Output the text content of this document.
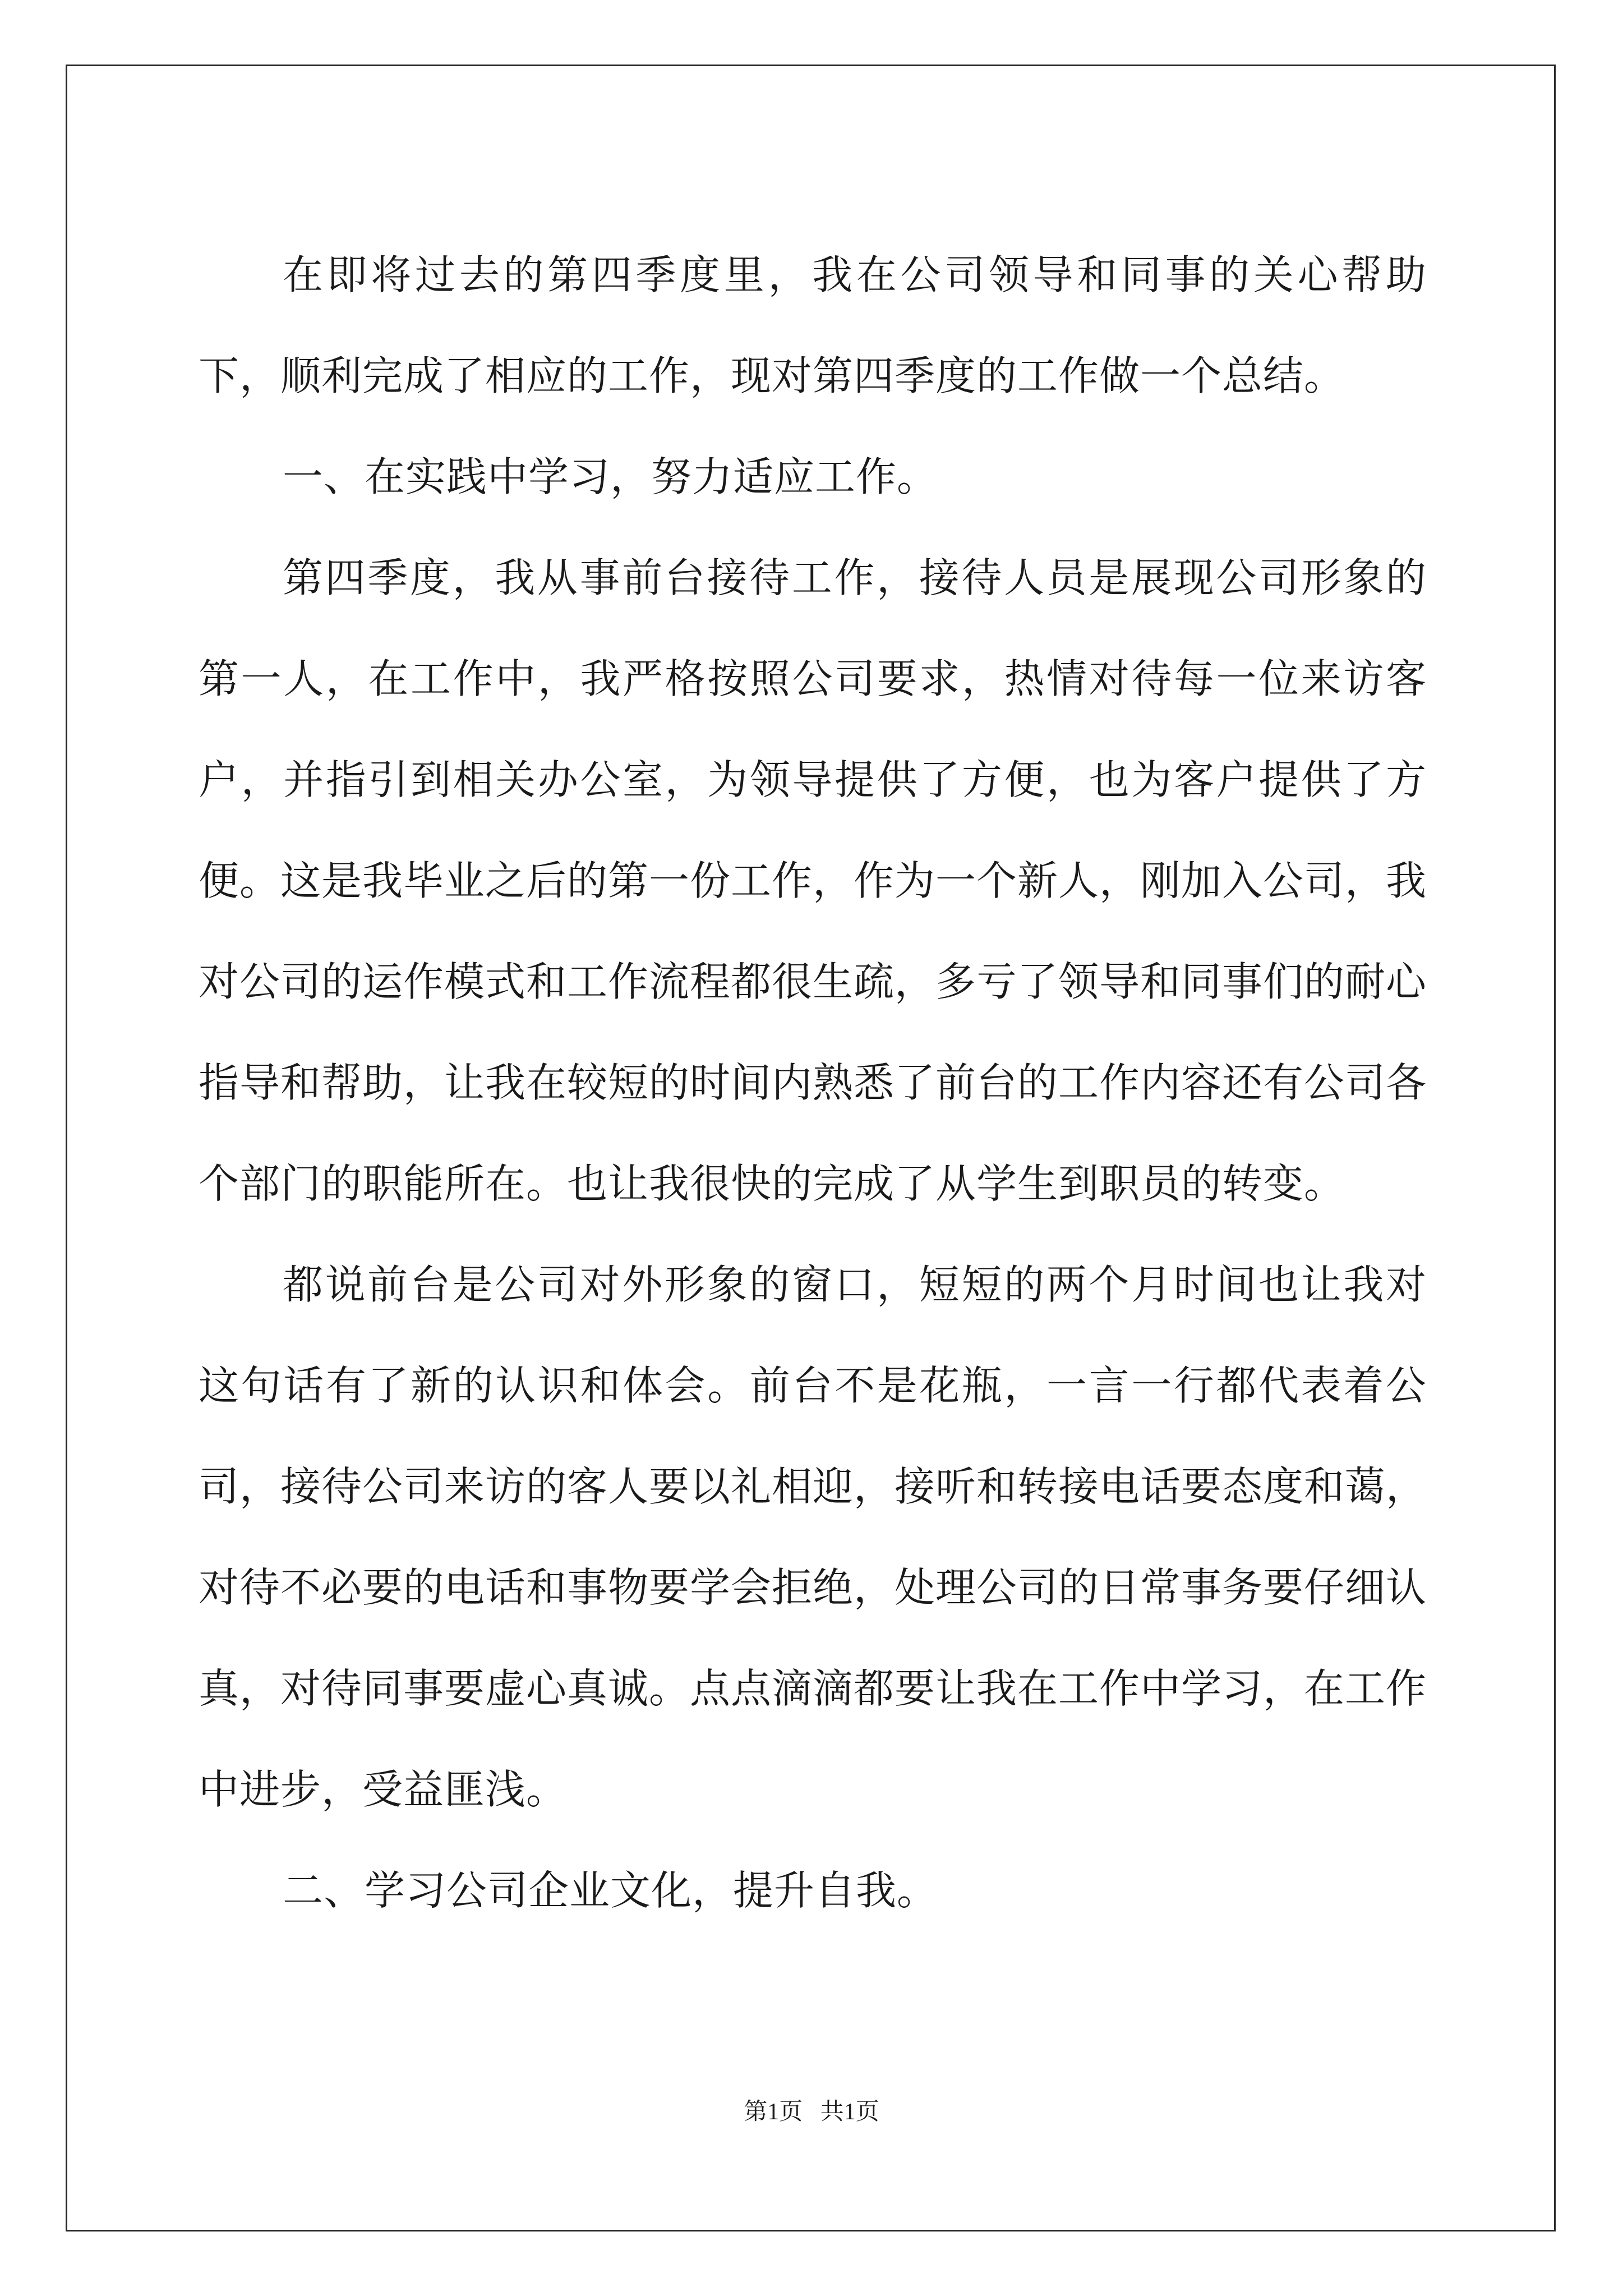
在即将过去的第四季度里，我在公司领导和同事的关心帮助下，顺利完成了相应的工作，现对第四季度的工作做一个总结。

一、在实践中学习，努力适应工作。

第四季度，我从事前台接待工作，接待人员是展现公司形象的第一人，在工作中，我严格按照公司要求，热情对待每一位来访客户，并指引到相关办公室，为领导提供了方便，也为客户提供了方便。这是我毕业之后的第一份工作，作为一个新人，刚加入公司，我对公司的运作模式和工作流程都很生疏，多亏了领导和同事们的耐心指导和帮助，让我在较短的时间内熟悉了前台的工作内容还有公司各个部门的职能所在。也让我很快的完成了从学生到职员的转变。

都说前台是公司对外形象的窗口，短短的两个月时间也让我对这句话有了新的认识和体会。前台不是花瓶，一言一行都代表着公司，接待公司来访的客人要以礼相迎，接听和转接电话要态度和蔼，对待不必要的电话和事物要学会拒绝，处理公司的日常事务要仔细认真，对待同事要虚心真诚。点点滴滴都要让我在工作中学习，在工作中进步，受益匪浅。

二、学习公司企业文化，提升自我。

第1页 共1页
